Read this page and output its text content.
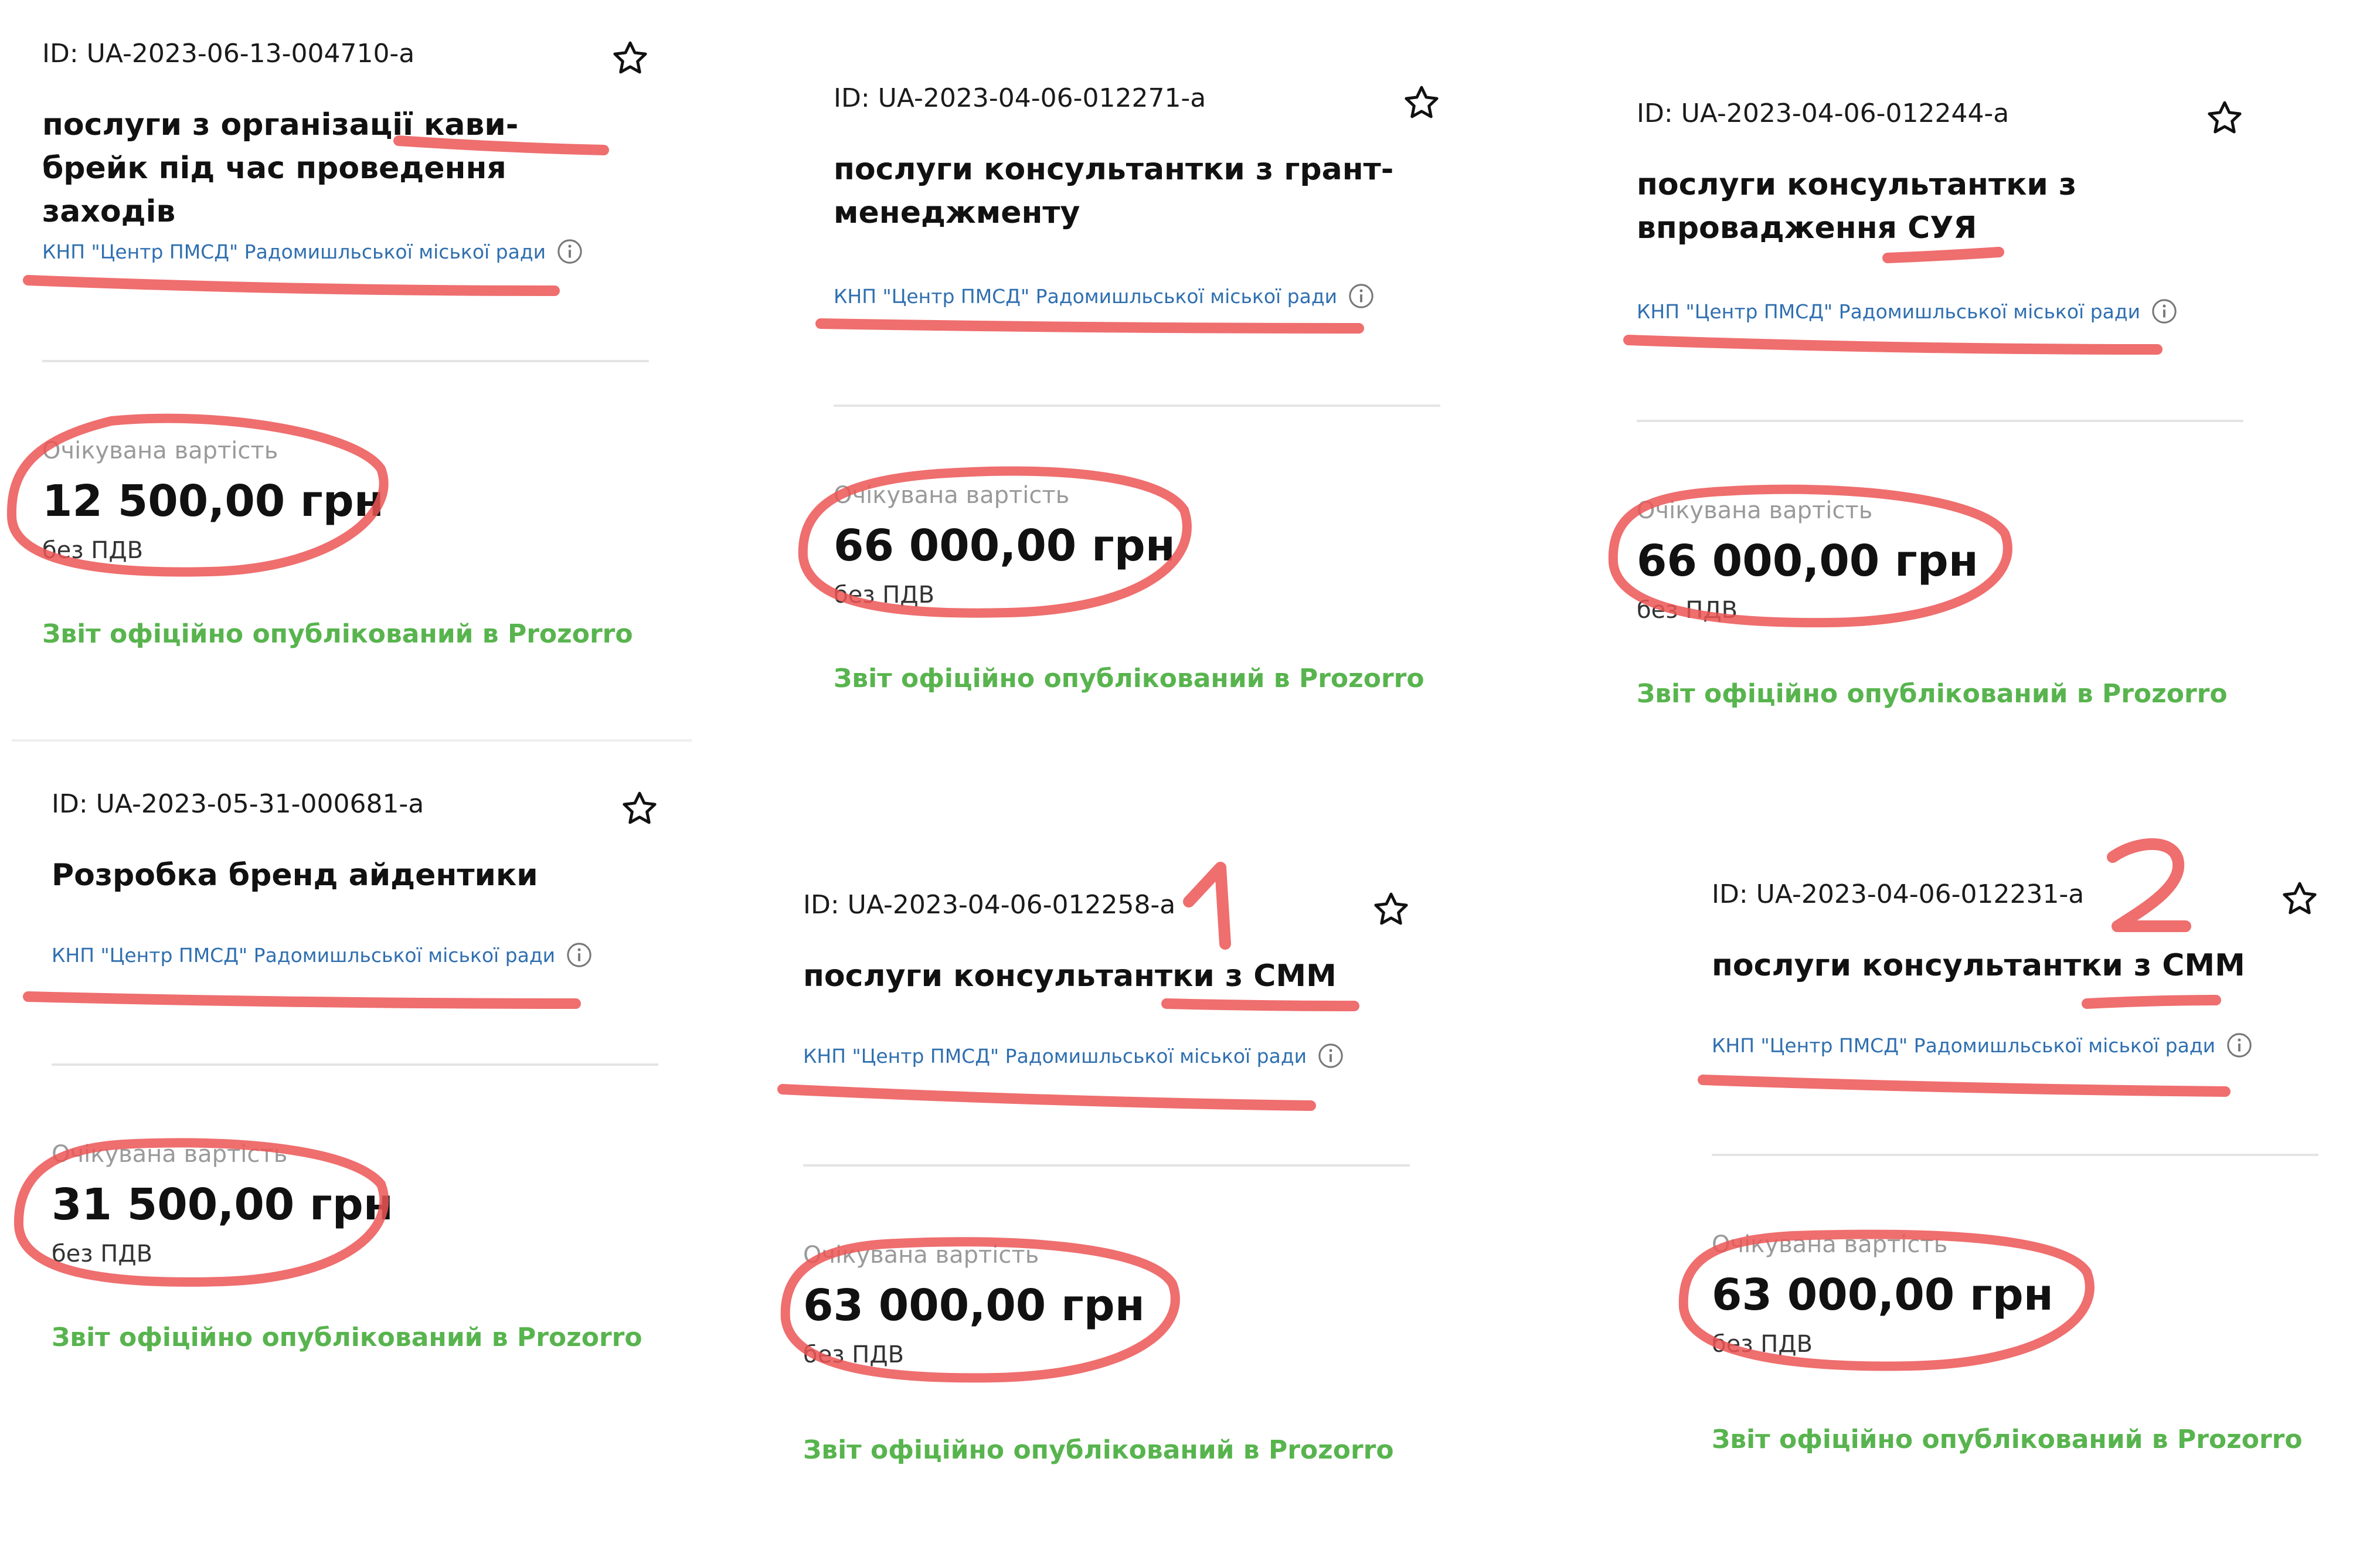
ID: UA-2023-06-13-004710-a
послуги з організації кави-брейк під час проведення заходів
КНП "Центр ПМСД" Радомишльської міської ради
Очікувана вартість
12 500,00 грн
без ПДВ
Звіт офіційно опублікований в Prozorro
ID: UA-2023-04-06-012271-a
послуги консультантки з грант-менеджменту
КНП "Центр ПМСД" Радомишльської міської ради
Очікувана вартість
66 000,00 грн
без ПДВ
Звіт офіційно опублікований в Prozorro
ID: UA-2023-04-06-012244-a
послуги консультантки з впровадження СУЯ
КНП "Центр ПМСД" Радомишльської міської ради
Очікувана вартість
66 000,00 грн
без ПДВ
Звіт офіційно опублікований в Prozorro
ID: UA-2023-05-31-000681-a
Розробка бренд айдентики
КНП "Центр ПМСД" Радомишльської міської ради
Очікувана вартість
31 500,00 грн
без ПДВ
Звіт офіційно опублікований в Prozorro
ID: UA-2023-04-06-012258-a
послуги консультантки з СММ
КНП "Центр ПМСД" Радомишльської міської ради
Очікувана вартість
63 000,00 грн
без ПДВ
Звіт офіційно опублікований в Prozorro
ID: UA-2023-04-06-012231-a
послуги консультантки з СММ
КНП "Центр ПМСД" Радомишльської міської ради
Очікувана вартість
63 000,00 грн
без ПДВ
Звіт офіційно опублікований в Prozorro
